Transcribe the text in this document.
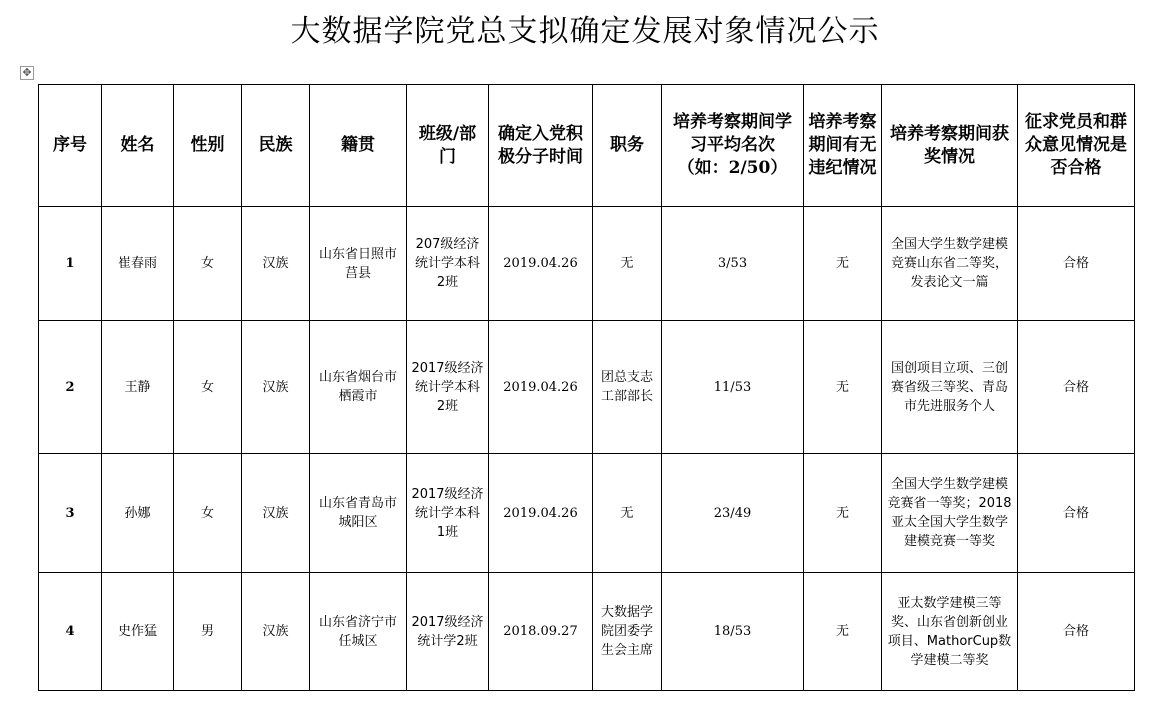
大数据学院党总支拟确定发展对象情况公示
✥
序号	姓名	性别	民族	籍贯	班级/部门	确定入党积极分子时间	职务	培养考察期间学习平均名次（如：2/50）	培养考察期间有无违纪情况	培养考察期间获奖情况	征求党员和群众意见情况是否合格
1	崔春雨	女	汉族	山东省日照市莒县	207级经济统计学本科2班	2019.04.26	无	3/53	无	全国大学生数学建模竞赛山东省二等奖，发表论文一篇	合格
2	王静	女	汉族	山东省烟台市栖霞市	2017级经济统计学本科2班	2019.04.26	团总支志工部部长	11/53	无	国创项目立项、三创赛省级三等奖、青岛市先进服务个人	合格
3	孙娜	女	汉族	山东省青岛市城阳区	2017级经济统计学本科1班	2019.04.26	无	23/49	无	全国大学生数学建模竞赛省一等奖；2018亚太全国大学生数学建模竞赛一等奖	合格
4	史作猛	男	汉族	山东省济宁市任城区	2017级经济统计学2班	2018.09.27	大数据学院团委学生会主席	18/53	无	亚太数学建模三等奖、山东省创新创业项目、MathorCup数学建模二等奖	合格
